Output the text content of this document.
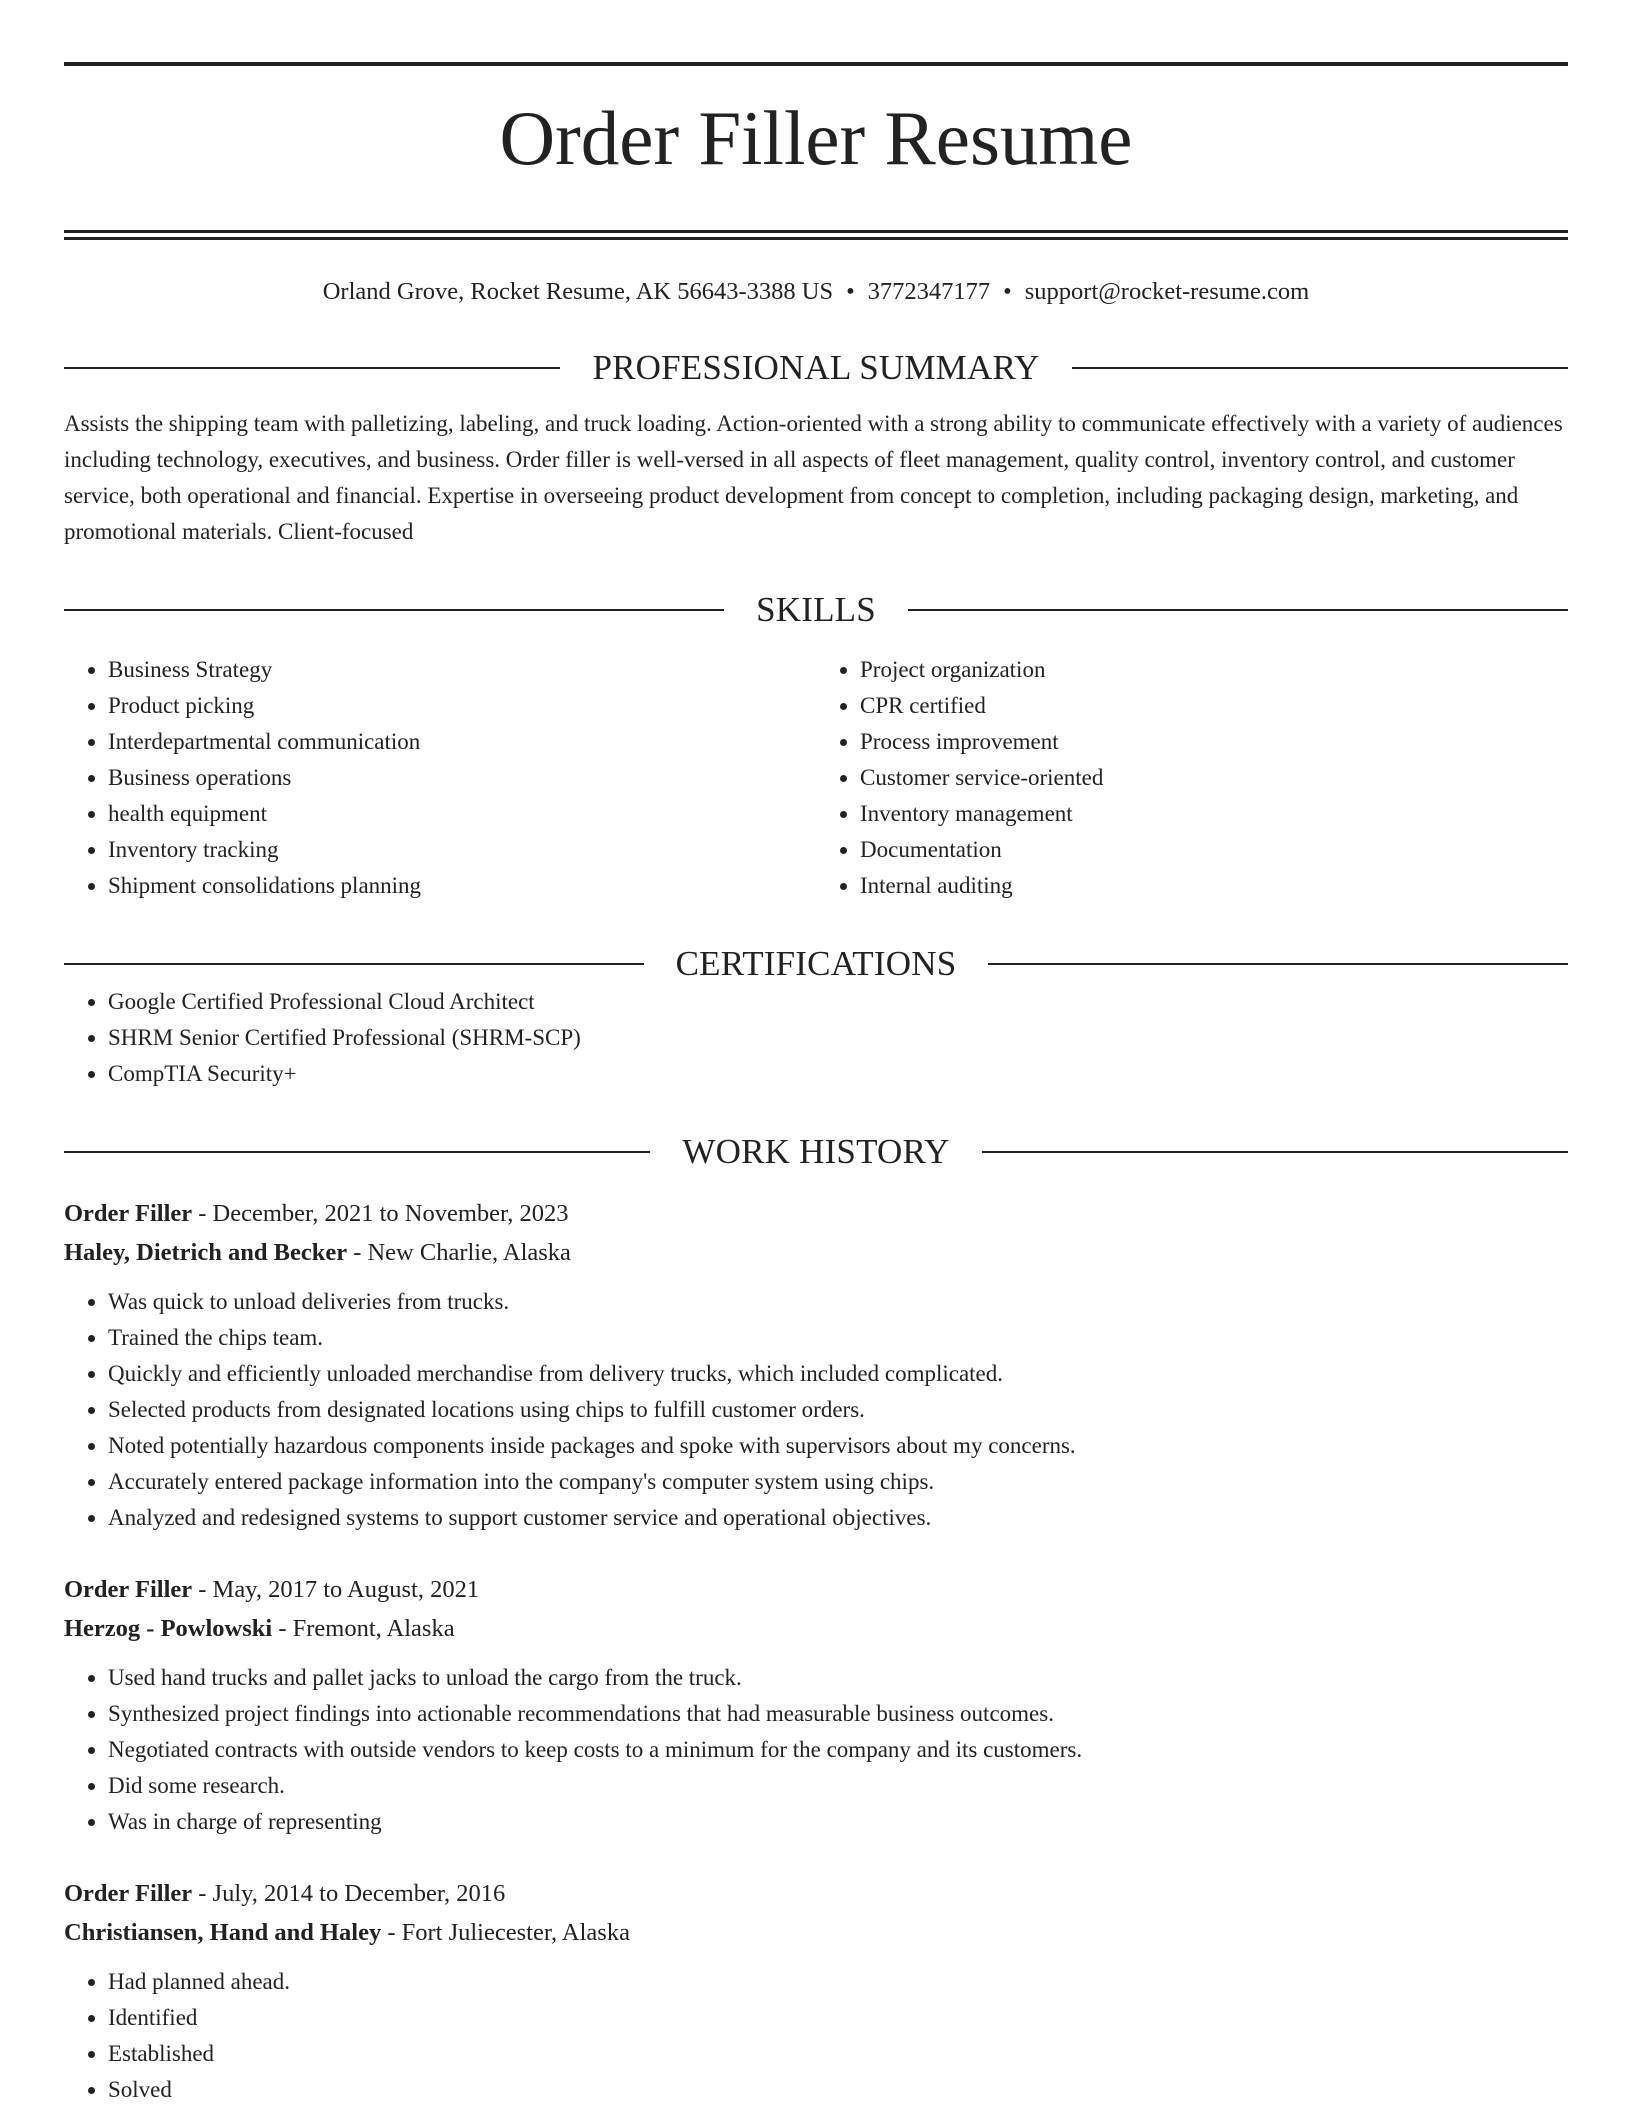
Order Filler Resume
Orland Grove, Rocket Resume, AK 56643-3388 US • 3772347177 • support@rocket-resume.com
PROFESSIONAL SUMMARY

Assists the shipping team with palletizing, labeling, and truck loading. Action-oriented with a strong ability to communicate effectively with a variety of audiences including technology, executives, and business. Order filler is well-versed in all aspects of fleet management, quality control, inventory control, and customer service, both operational and financial. Expertise in overseeing product development from concept to completion, including packaging design, marketing, and promotional materials. Client-focused

SKILLS
• Business Strategy
• Product picking
• Interdepartmental communication
• Business operations
• health equipment
• Inventory tracking
• Shipment consolidations planning
• Project organization
• CPR certified
• Process improvement
• Customer service-oriented
• Inventory management
• Documentation
• Internal auditing
CERTIFICATIONS
• Google Certified Professional Cloud Architect
• SHRM Senior Certified Professional (SHRM-SCP)
• CompTIA Security+
WORK HISTORY
Order Filler - December, 2021 to November, 2023
Haley, Dietrich and Becker - New Charlie, Alaska
• Was quick to unload deliveries from trucks.
• Trained the chips team.
• Quickly and efficiently unloaded merchandise from delivery trucks, which included complicated.
• Selected products from designated locations using chips to fulfill customer orders.
• Noted potentially hazardous components inside packages and spoke with supervisors about my concerns.
• Accurately entered package information into the company's computer system using chips.
• Analyzed and redesigned systems to support customer service and operational objectives.
Order Filler - May, 2017 to August, 2021
Herzog - Powlowski - Fremont, Alaska
• Used hand trucks and pallet jacks to unload the cargo from the truck.
• Synthesized project findings into actionable recommendations that had measurable business outcomes.
• Negotiated contracts with outside vendors to keep costs to a minimum for the company and its customers.
• Did some research.
• Was in charge of representing
Order Filler - July, 2014 to December, 2016
Christiansen, Hand and Haley - Fort Juliecester, Alaska
• Had planned ahead.
• Identified
• Established
• Solved
